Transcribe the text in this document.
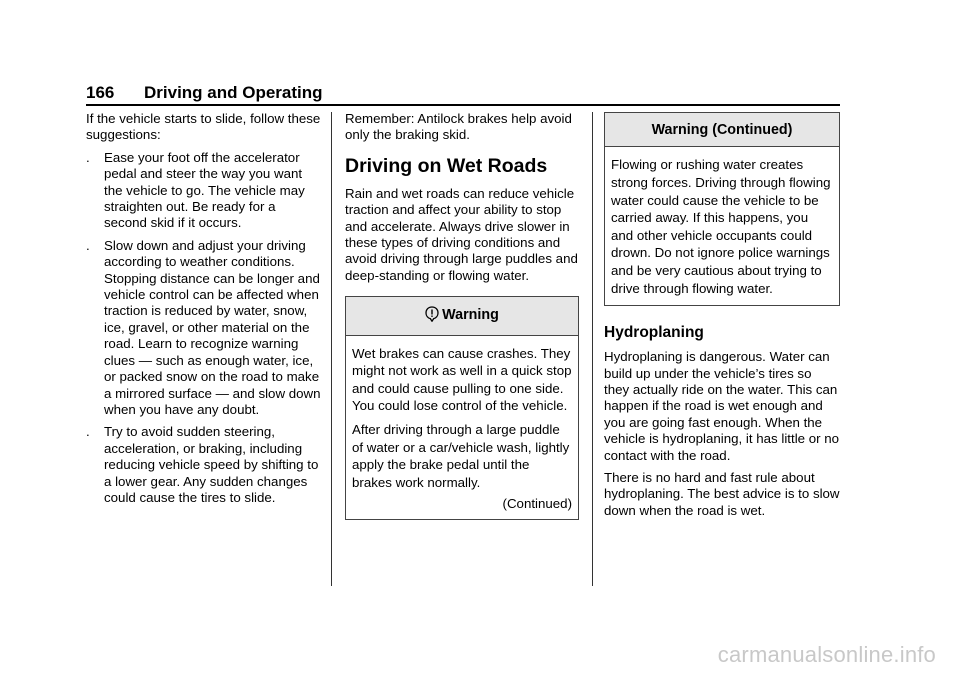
166 Driving and Operating

If the vehicle starts to slide, follow these suggestions:

. Ease your foot off the accelerator pedal and steer the way you want the vehicle to go. The vehicle may straighten out. Be ready for a second skid if it occurs.
. Slow down and adjust your driving according to weather conditions. Stopping distance can be longer and vehicle control can be affected when traction is reduced by water, snow, ice, gravel, or other material on the road. Learn to recognize warning clues — such as enough water, ice, or packed snow on the road to make a mirrored surface — and slow down when you have any doubt.
. Try to avoid sudden steering, acceleration, or braking, including reducing vehicle speed by shifting to a lower gear. Any sudden changes could cause the tires to slide.

Remember: Antilock brakes help avoid only the braking skid.

Driving on Wet Roads

Rain and wet roads can reduce vehicle traction and affect your ability to stop and accelerate. Always drive slower in these types of driving conditions and avoid driving through large puddles and deep-standing or flowing water.

Warning

Wet brakes can cause crashes. They might not work as well in a quick stop and could cause pulling to one side. You could lose control of the vehicle.

After driving through a large puddle of water or a car/vehicle wash, lightly apply the brake pedal until the brakes work normally.

(Continued)
Warning (Continued)

Flowing or rushing water creates strong forces. Driving through flowing water could cause the vehicle to be carried away. If this happens, you and other vehicle occupants could drown. Do not ignore police warnings and be very cautious about trying to drive through flowing water.

Hydroplaning

Hydroplaning is dangerous. Water can build up under the vehicle’s tires so they actually ride on the water. This can happen if the road is wet enough and you are going fast enough. When the vehicle is hydroplaning, it has little or no contact with the road.

There is no hard and fast rule about hydroplaning. The best advice is to slow down when the road is wet.

carmanualsonline.info
